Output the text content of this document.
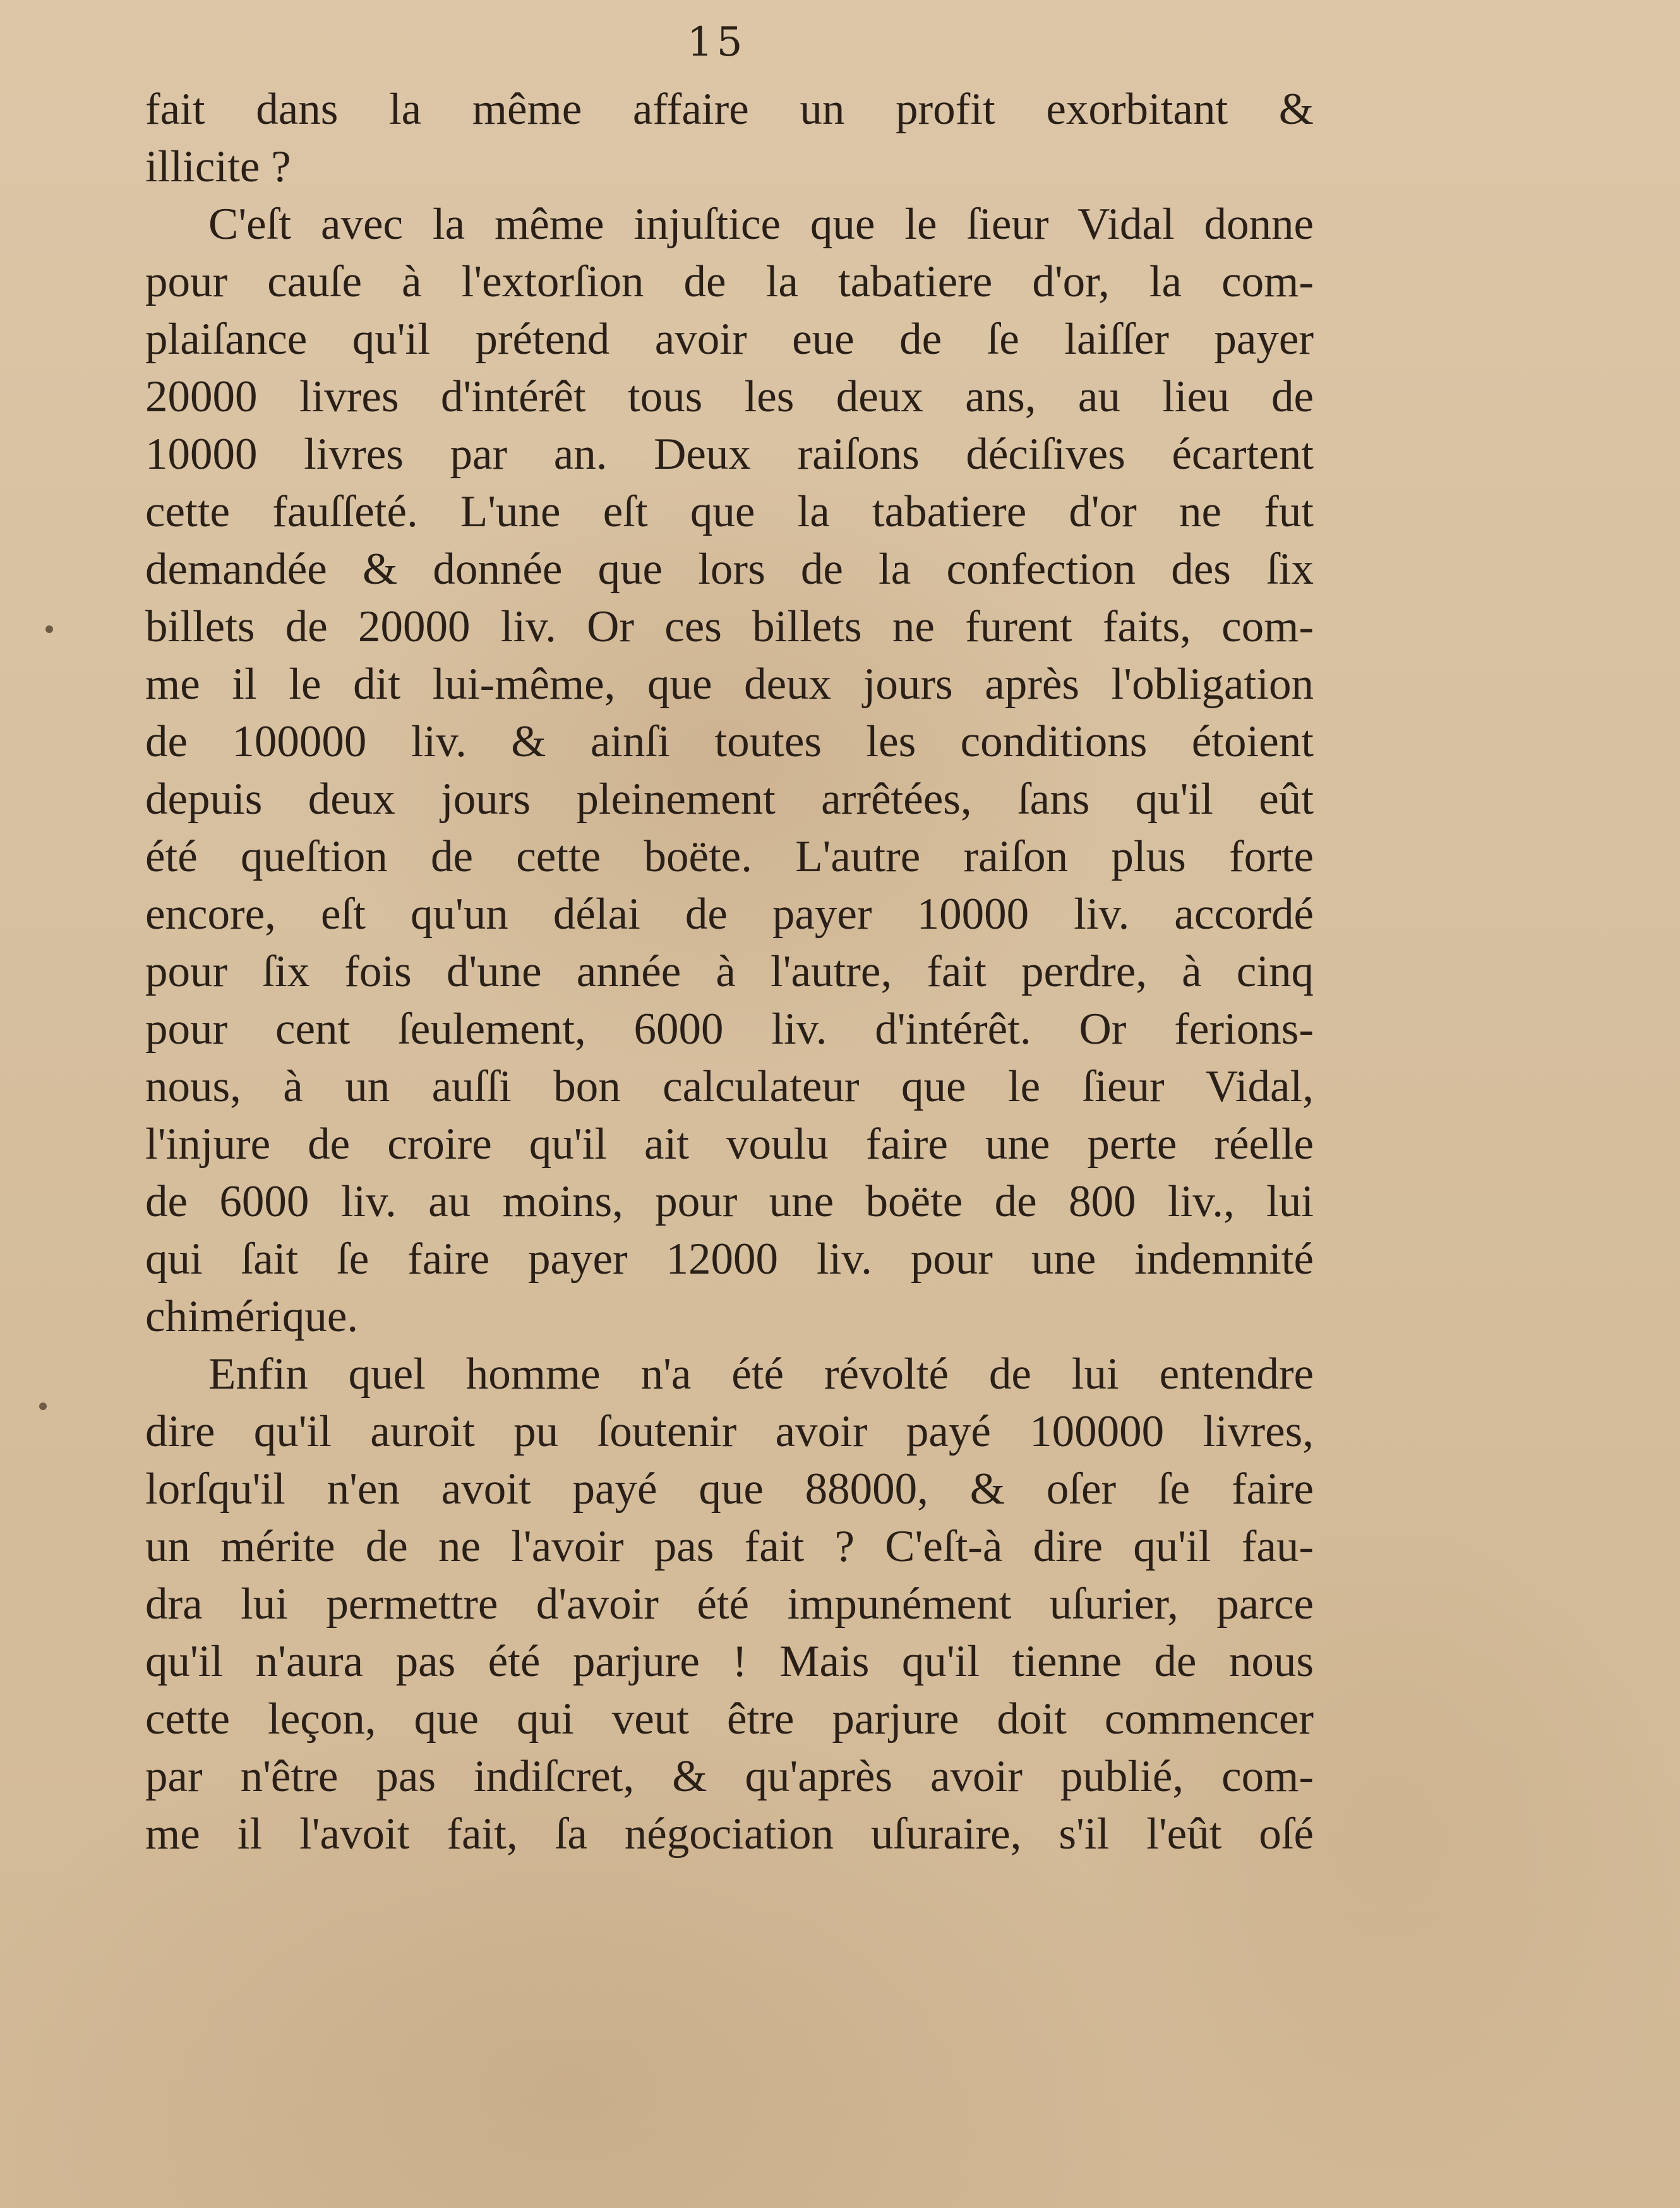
15
fait dans la même affaire un profit exorbitant &
illicite ?
C'eſt avec la même injuſtice que le ſieur Vidal donne
pour cauſe à l'extorſion de la tabatiere d'or, la com-
plaiſance qu'il prétend avoir eue de ſe laiſſer payer
20000 livres d'intérêt tous les deux ans, au lieu de
10000 livres par an. Deux raiſons déciſives écartent
cette fauſſeté. L'une eſt que la tabatiere d'or ne fut
demandée & donnée que lors de la confection des ſix
billets de 20000 liv. Or ces billets ne furent faits, com-
me il le dit lui-même, que deux jours après l'obligation
de 100000 liv. & ainſi toutes les conditions étoient
depuis deux jours pleinement arrêtées, ſans qu'il eût
été queſtion de cette boëte. L'autre raiſon plus forte
encore, eſt qu'un délai de payer 10000 liv. accordé
pour ſix fois d'une année à l'autre, fait perdre, à cinq
pour cent ſeulement, 6000 liv. d'intérêt. Or ferions-
nous, à un auſſi bon calculateur que le ſieur Vidal,
l'injure de croire qu'il ait voulu faire une perte réelle
de 6000 liv. au moins, pour une boëte de 800 liv., lui
qui ſait ſe faire payer 12000 liv. pour une indemnité
chimérique.
Enfin quel homme n'a été révolté de lui entendre
dire qu'il auroit pu ſoutenir avoir payé 100000 livres,
lorſqu'il n'en avoit payé que 88000, & oſer ſe faire
un mérite de ne l'avoir pas fait ? C'eſt-à dire qu'il fau-
dra lui permettre d'avoir été impunément uſurier, parce
qu'il n'aura pas été parjure ! Mais qu'il tienne de nous
cette leçon, que qui veut être parjure doit commencer
par n'être pas indiſcret, & qu'après avoir publié, com-
me il l'avoit fait, ſa négociation uſuraire, s'il l'eût oſé
